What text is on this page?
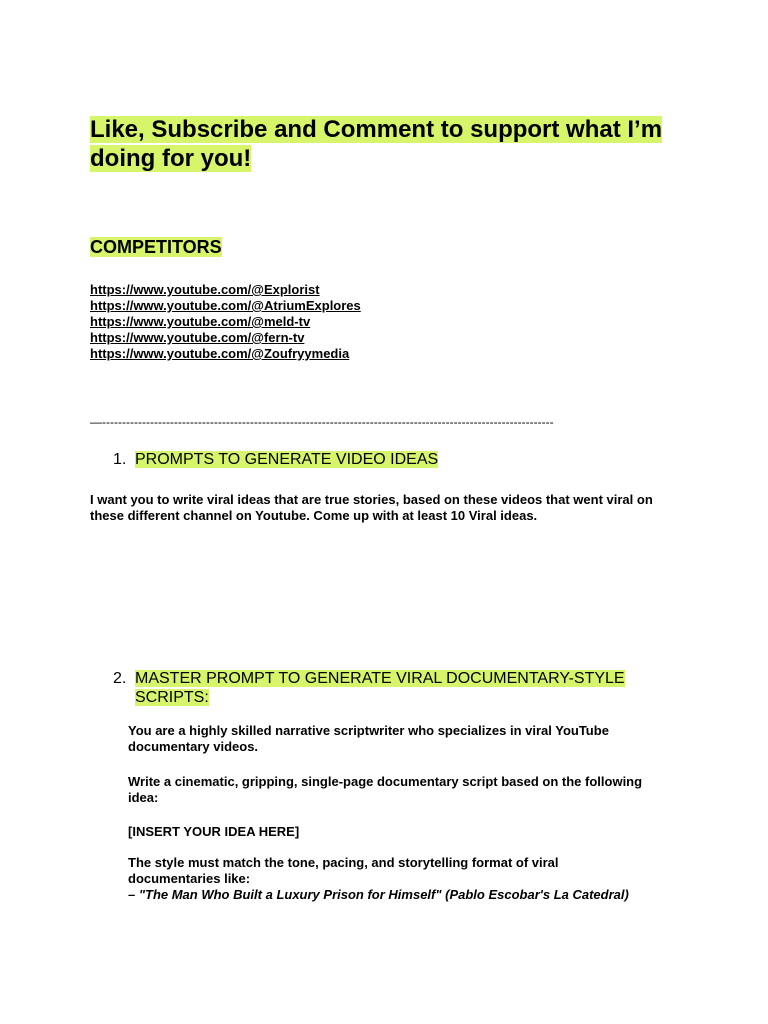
Like, Subscribe and Comment to support what I’m doing for you!
COMPETITORS
https://www.youtube.com/@Explorist
https://www.youtube.com/@AtriumExplores
https://www.youtube.com/@meld-tv
https://www.youtube.com/@fern-tv
https://www.youtube.com/@Zoufryymedia
—-----------------------------------------------------------------------------------------------------------------
1. PROMPTS TO GENERATE VIDEO IDEAS

I want you to write viral ideas that are true stories, based on these videos that went viral on these different channel on Youtube. Come up with at least 10 Viral ideas.

2. MASTER PROMPT TO GENERATE VIRAL DOCUMENTARY-STYLE SCRIPTS:

You are a highly skilled narrative scriptwriter who specializes in viral YouTube documentary videos.

Write a cinematic, gripping, single-page documentary script based on the following idea:

[INSERT YOUR IDEA HERE]

The style must match the tone, pacing, and storytelling format of viral documentaries like:
– "The Man Who Built a Luxury Prison for Himself" (Pablo Escobar's La Catedral)
